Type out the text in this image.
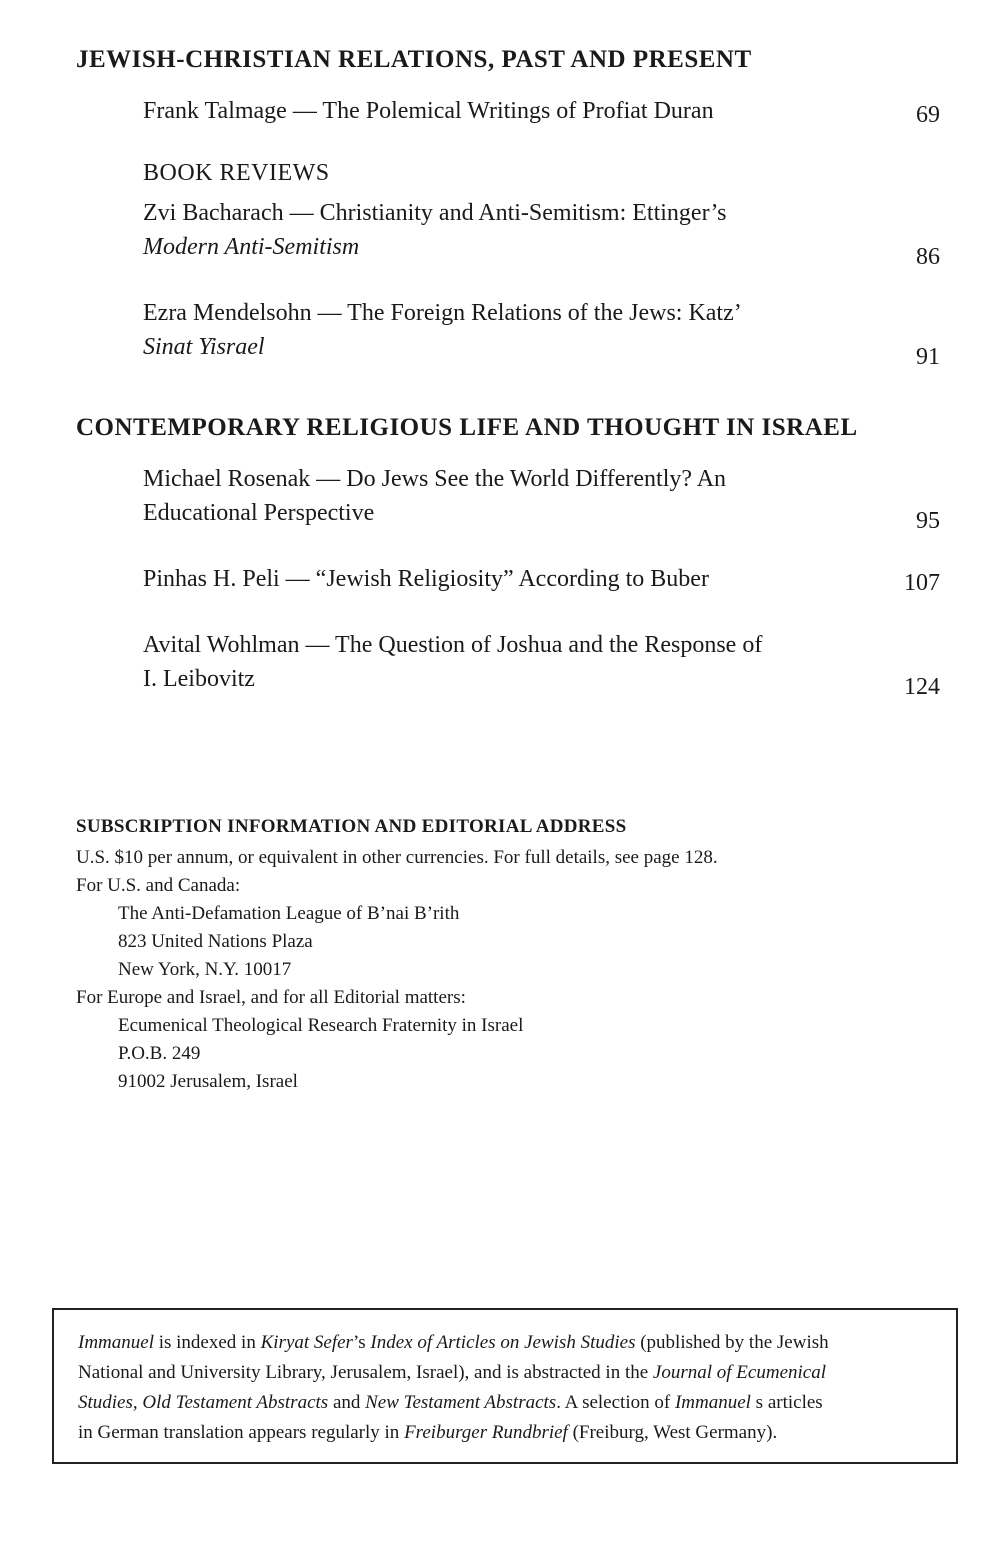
JEWISH-CHRISTIAN RELATIONS, PAST AND PRESENT
Frank Talmage — The Polemical Writings of Profiat Duran	69
BOOK REVIEWS
Zvi Bacharach — Christianity and Anti-Semitism: Ettinger’s
Modern Anti-Semitism	86
Ezra Mendelsohn — The Foreign Relations of the Jews: Katz’
Sinat Yisrael	91
CONTEMPORARY RELIGIOUS LIFE AND THOUGHT IN ISRAEL
Michael Rosenak — Do Jews See the World Differently? An
Educational Perspective	95
Pinhas H. Peli — “Jewish Religiosity” According to Buber	107
Avital Wohlman — The Question of Joshua and the Response of
I. Leibovitz	124
SUBSCRIPTION INFORMATION AND EDITORIAL ADDRESS
U.S. $10 per annum, or equivalent in other currencies. For full details, see page 128.
For U.S. and Canada:
The Anti-Defamation League of B’nai B’rith
823 United Nations Plaza
New York, N.Y. 10017
For Europe and Israel, and for all Editorial matters:
Ecumenical Theological Research Fraternity in Israel
P.O.B. 249
91002 Jerusalem, Israel
Immanuel is indexed in Kiryat Sefer’s Index of Articles on Jewish Studies (published by the Jewish
National and University Library, Jerusalem, Israel), and is abstracted in the Journal of Ecumenical
Studies, Old Testament Abstracts and New Testament Abstracts. A selection of Immanuel s articles
in German translation appears regularly in Freiburger Rundbrief (Freiburg, West Germany).
